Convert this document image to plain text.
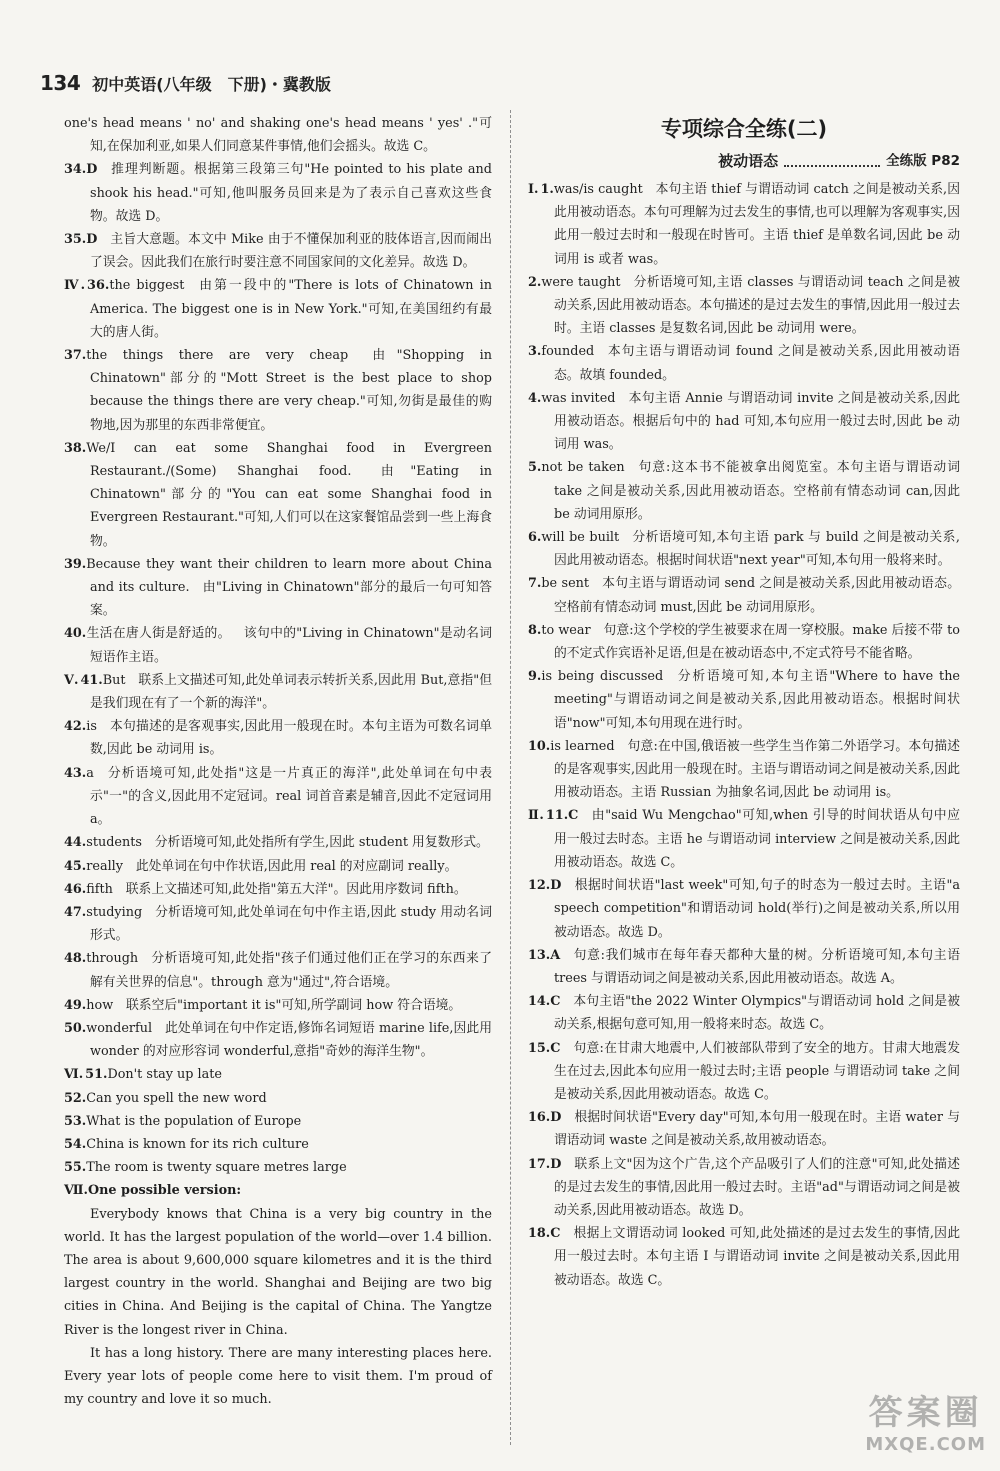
134 初中英语(八年级　下册)・冀教版
one's head means ' no' and shaking one's head means ' yes' ."可知,在保加利亚,如果人们同意某件事情,他们会摇头。故选 C。
34.D  推理判断题。根据第三段第三句"He pointed to his plate and shook his head."可知,他叫服务员回来是为了表示自己喜欢这些食物。故选 D。
35.D  主旨大意题。本文中 Mike 由于不懂保加利亚的肢体语言,因而闹出了误会。因此我们在旅行时要注意不同国家间的文化差异。故选 D。
Ⅳ. 36.the biggest  由第一段中的"There is lots of Chinatown in America. The biggest one is in New York."可知,在美国纽约有最大的唐人街。
37.the things there are very cheap  由"Shopping in Chinatown"部分的"Mott Street is the best place to shop because the things there are very cheap."可知,勿街是最佳的购物地,因为那里的东西非常便宜。
38.We/I can eat some Shanghai food in Evergreen Restaurant./(Some) Shanghai food.  由"Eating in Chinatown"部分的"You can eat some Shanghai food in Evergreen Restaurant."可知,人们可以在这家餐馆品尝到一些上海食物。
39.Because they want their children to learn more about China and its culture.  由"Living in Chinatown"部分的最后一句可知答案。
40.生活在唐人街是舒适的。  该句中的"Living in Chinatown"是动名词短语作主语。
Ⅴ. 41.But  联系上文描述可知,此处单词表示转折关系,因此用 But,意指"但是我们现在有了一个新的海洋"。
42.is  本句描述的是客观事实,因此用一般现在时。本句主语为可数名词单数,因此 be 动词用 is。
43.a  分析语境可知,此处指"这是一片真正的海洋",此处单词在句中表示"一"的含义,因此用不定冠词。real 词首音素是辅音,因此不定冠词用 a。
44.students  分析语境可知,此处指所有学生,因此 student 用复数形式。
45.really  此处单词在句中作状语,因此用 real 的对应副词 really。
46.fifth  联系上文描述可知,此处指"第五大洋"。因此用序数词 fifth。
47.studying  分析语境可知,此处单词在句中作主语,因此 study 用动名词形式。
48.through  分析语境可知,此处指"孩子们通过他们正在学习的东西来了解有关世界的信息"。through 意为"通过",符合语境。
49.how  联系空后"important it is"可知,所学副词 how 符合语境。
50.wonderful  此处单词在句中作定语,修饰名词短语 marine life,因此用 wonder 的对应形容词 wonderful,意指"奇妙的海洋生物"。
Ⅵ. 51.Don't stay up late
52.Can you spell the new word
53.What is the population of Europe
54.China is known for its rich culture
55.The room is twenty square metres large
Ⅶ.One possible version:
Everybody knows that China is a very big country in the world. It has the largest population of the world—over 1.4 billion. The area is about 9,600,000 square kilometres and it is the third largest country in the world. Shanghai and Beijing are two big cities in China. And Beijing is the capital of China. The Yangtze River is the longest river in China.
It has a long history. There are many interesting places here. Every year lots of people come here to visit them. I'm proud of my country and love it so much.
专项综合全练(二)
被动语态	全练版 P82
Ⅰ. 1.was/is caught  本句主语 thief 与谓语动词 catch 之间是被动关系,因此用被动语态。本句可理解为过去发生的事情,也可以理解为客观事实,因此用一般过去时和一般现在时皆可。主语 thief 是单数名词,因此 be 动词用 is 或者 was。
2.were taught  分析语境可知,主语 classes 与谓语动词 teach 之间是被动关系,因此用被动语态。本句描述的是过去发生的事情,因此用一般过去时。主语 classes 是复数名词,因此 be 动词用 were。
3.founded  本句主语与谓语动词 found 之间是被动关系,因此用被动语态。故填 founded。
4.was invited  本句主语 Annie 与谓语动词 invite 之间是被动关系,因此用被动语态。根据后句中的 had 可知,本句应用一般过去时,因此 be 动词用 was。
5.not be taken  句意:这本书不能被拿出阅览室。本句主语与谓语动词 take 之间是被动关系,因此用被动语态。空格前有情态动词 can,因此 be 动词用原形。
6.will be built  分析语境可知,本句主语 park 与 build 之间是被动关系,因此用被动语态。根据时间状语"next year"可知,本句用一般将来时。
7.be sent  本句主语与谓语动词 send 之间是被动关系,因此用被动语态。空格前有情态动词 must,因此 be 动词用原形。
8.to wear  句意:这个学校的学生被要求在周一穿校服。make 后接不带 to 的不定式作宾语补足语,但是在被动语态中,不定式符号不能省略。
9.is being discussed  分析语境可知,本句主语"Where to have the meeting"与谓语动词之间是被动关系,因此用被动语态。根据时间状语"now"可知,本句用现在进行时。
10.is learned  句意:在中国,俄语被一些学生当作第二外语学习。本句描述的是客观事实,因此用一般现在时。主语与谓语动词之间是被动关系,因此用被动语态。主语 Russian 为抽象名词,因此 be 动词用 is。
Ⅱ. 11.C  由"said Wu Mengchao"可知,when 引导的时间状语从句中应用一般过去时态。主语 he 与谓语动词 interview 之间是被动关系,因此用被动语态。故选 C。
12.D  根据时间状语"last week"可知,句子的时态为一般过去时。主语"a speech competition"和谓语动词 hold(举行)之间是被动关系,所以用被动语态。故选 D。
13.A  句意:我们城市在每年春天都种大量的树。分析语境可知,本句主语 trees 与谓语动词之间是被动关系,因此用被动语态。故选 A。
14.C  本句主语"the 2022 Winter Olympics"与谓语动词 hold 之间是被动关系,根据句意可知,用一般将来时态。故选 C。
15.C  句意:在甘肃大地震中,人们被部队带到了安全的地方。甘肃大地震发生在过去,因此本句应用一般过去时;主语 people 与谓语动词 take 之间是被动关系,因此用被动语态。故选 C。
16.D  根据时间状语"Every day"可知,本句用一般现在时。主语 water 与谓语动词 waste 之间是被动关系,故用被动语态。
17.D  联系上文"因为这个广告,这个产品吸引了人们的注意"可知,此处描述的是过去发生的事情,因此用一般过去时。主语"ad"与谓语动词之间是被动关系,因此用被动语态。故选 D。
18.C  根据上文谓语动词 looked 可知,此处描述的是过去发生的事情,因此用一般过去时。本句主语 I 与谓语动词 invite 之间是被动关系,因此用被动语态。故选 C。
答案圈
MXQE.COM
